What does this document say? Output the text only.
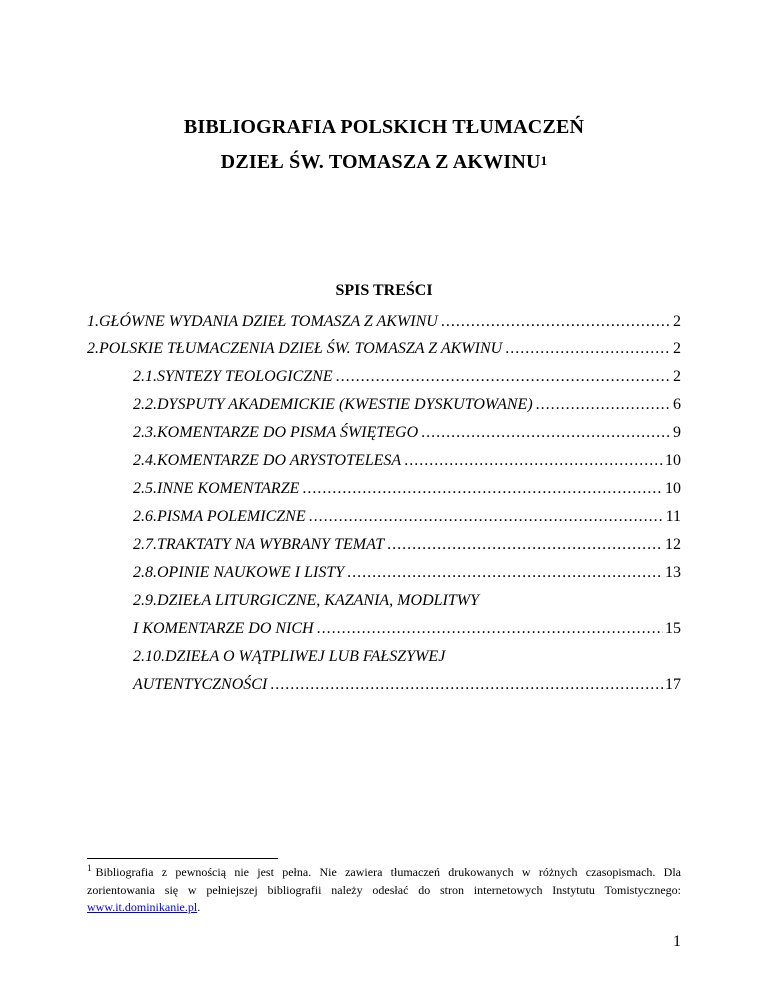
BIBLIOGRAFIA POLSKICH TŁUMACZEŃ
DZIEŁ ŚW. TOMASZA Z AKWINU$^1$
SPIS TREŚCI
1. GŁÓWNE WYDANIA DZIEŁ TOMASZA Z AKWINU .....	2
2. POLSKIE TŁUMACZENIA DZIEŁ ŚW. TOMASZA Z AKWINU .....	2
2.1.SYNTEZY TEOLOGICZNE .....	2
2.2.DYSPUTY AKADEMICKIE (KWESTIE DYSKUTOWANE) .....	6
2.3.KOMENTARZE DO PISMA ŚWIĘTEGO .....	9
2.4.KOMENTARZE DO ARYSTOTELESA .....	10
2.5.INNE KOMENTARZE .....	10
2.6.PISMA POLEMICZNE .....	11
2.7.TRAKTATY NA WYBRANY TEMAT .....	12
2.8.OPINIE NAUKOWE I LISTY .....	13
2.9.DZIEŁA LITURGICZNE, KAZANIA, MODLITWY
I KOMENTARZE DO NICH .....	15
2.10.DZIEŁA O WĄTPLIWEJ LUB FAŁSZYWEJ
AUTENTYCZNOŚCI .....	17
$^1$ Bibliografia z pewnością nie jest pełna. Nie zawiera tłumaczeń drukowanych w różnych czasopismach. Dla zorientowania się w pełniejszej bibliografii należy odesłać do stron internetowych Instytutu Tomistycznego: www.it.dominikanie.pl.
1
